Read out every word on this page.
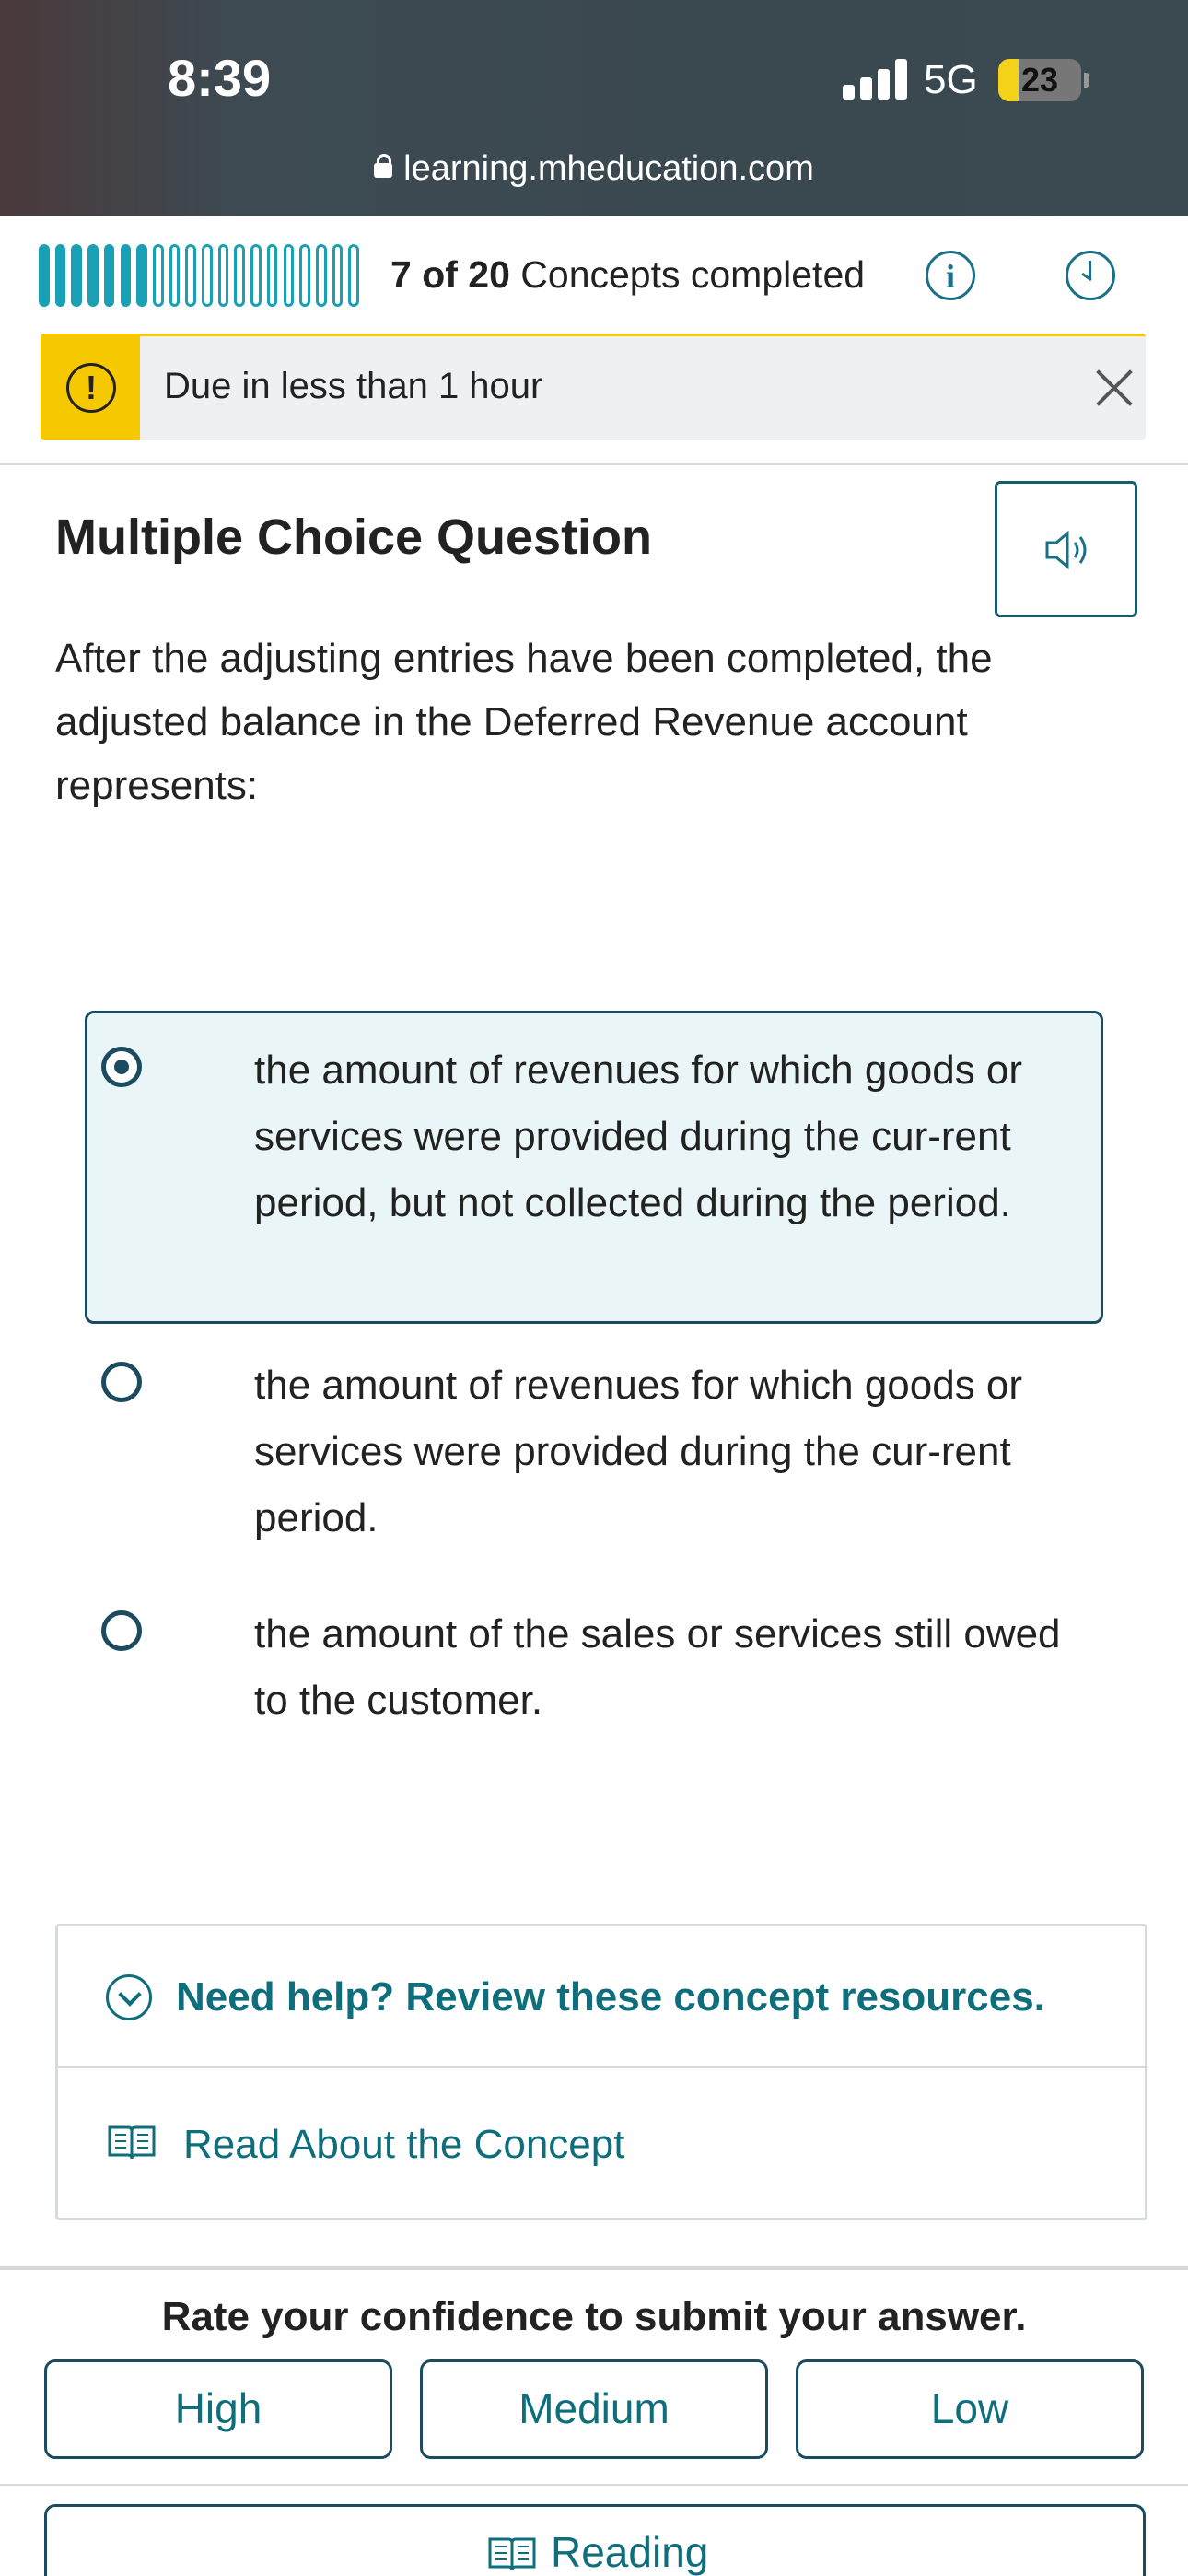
8:39	5G	23
learning.mheducation.com
7 of 20 Concepts completed	i
!	Due in less than 1 hour
Multiple Choice Question
After the adjusting entries have been completed, the adjusted balance in the Deferred Revenue account represents:
the amount of revenues for which goods or services were provided during the cur-rent period, but not collected during the period.
the amount of revenues for which goods or services were provided during the cur-rent period.
the amount of the sales or services still owed to the customer.
Need help? Review these concept resources.
Read About the Concept
Rate your confidence to submit your answer.
High	Medium	Low
Reading
